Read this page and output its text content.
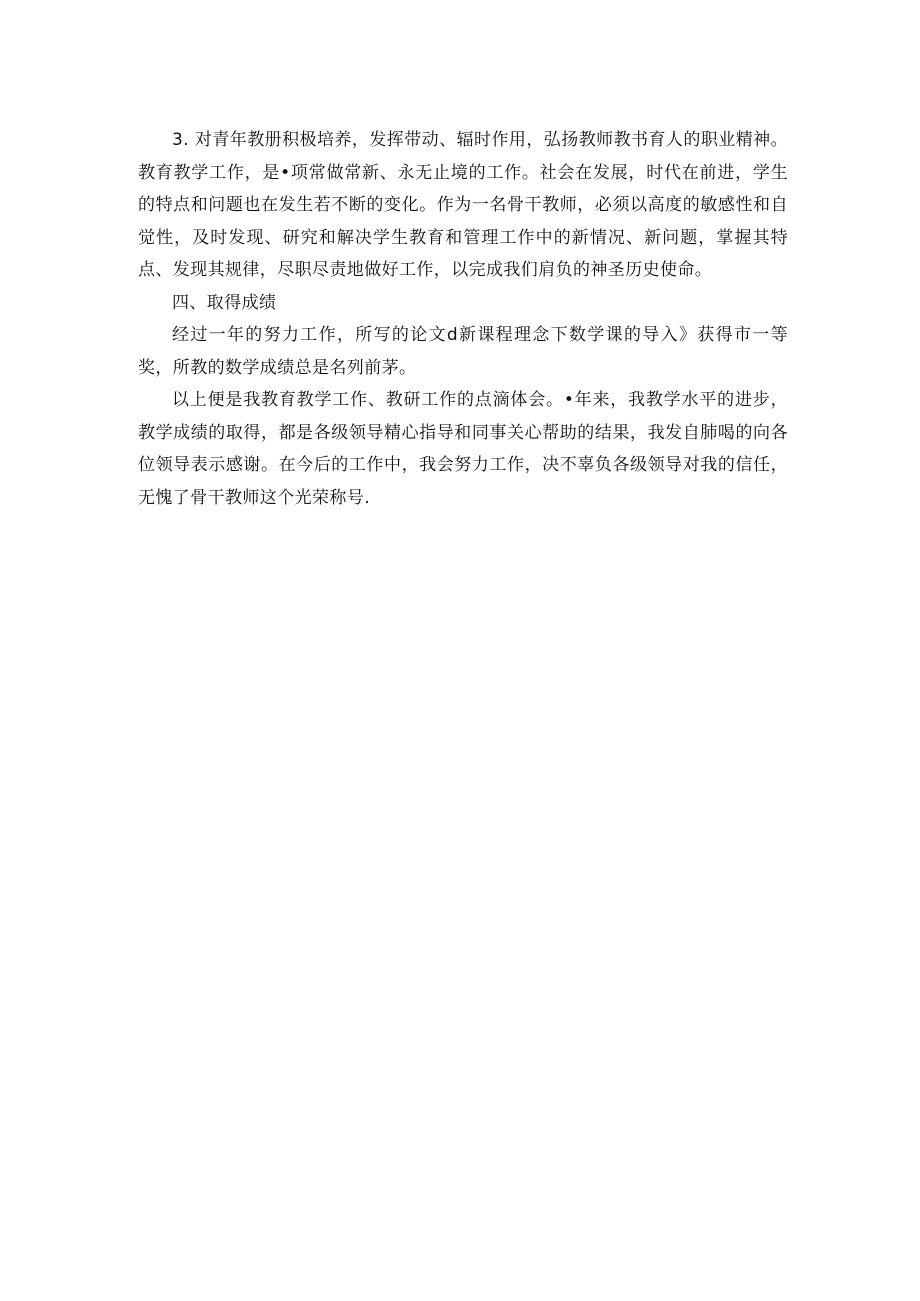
3. 对青年教册积极培养，发挥带动、辐时作用，弘扬教师教书育人的职业精神。教育教学工作，是•项常做常新、永无止境的工作。社会在发展，时代在前进，学生的特点和问题也在发生若不断的变化。作为一名骨干教师，必须以高度的敏感性和自觉性，及时发现、研究和解决学生教育和管理工作中的新情况、新问题，掌握其特点、发现其规律，尽职尽责地做好工作，以完成我们肩负的神圣历史使命。

四、取得成绩

经过一年的努力工作，所写的论文d新课程理念下数学课的导入》获得市一等奖，所教的数学成绩总是名列前茅。

以上便是我教育教学工作、教研工作的点滴体会。•年来，我教学水平的进步，教学成绩的取得，都是各级领导精心指导和同事关心帮助的结果，我发自肺喝的向各位领导表示感谢。在今后的工作中，我会努力工作，决不辜负各级领导对我的信任，无愧了骨干教师这个光荣称号.
